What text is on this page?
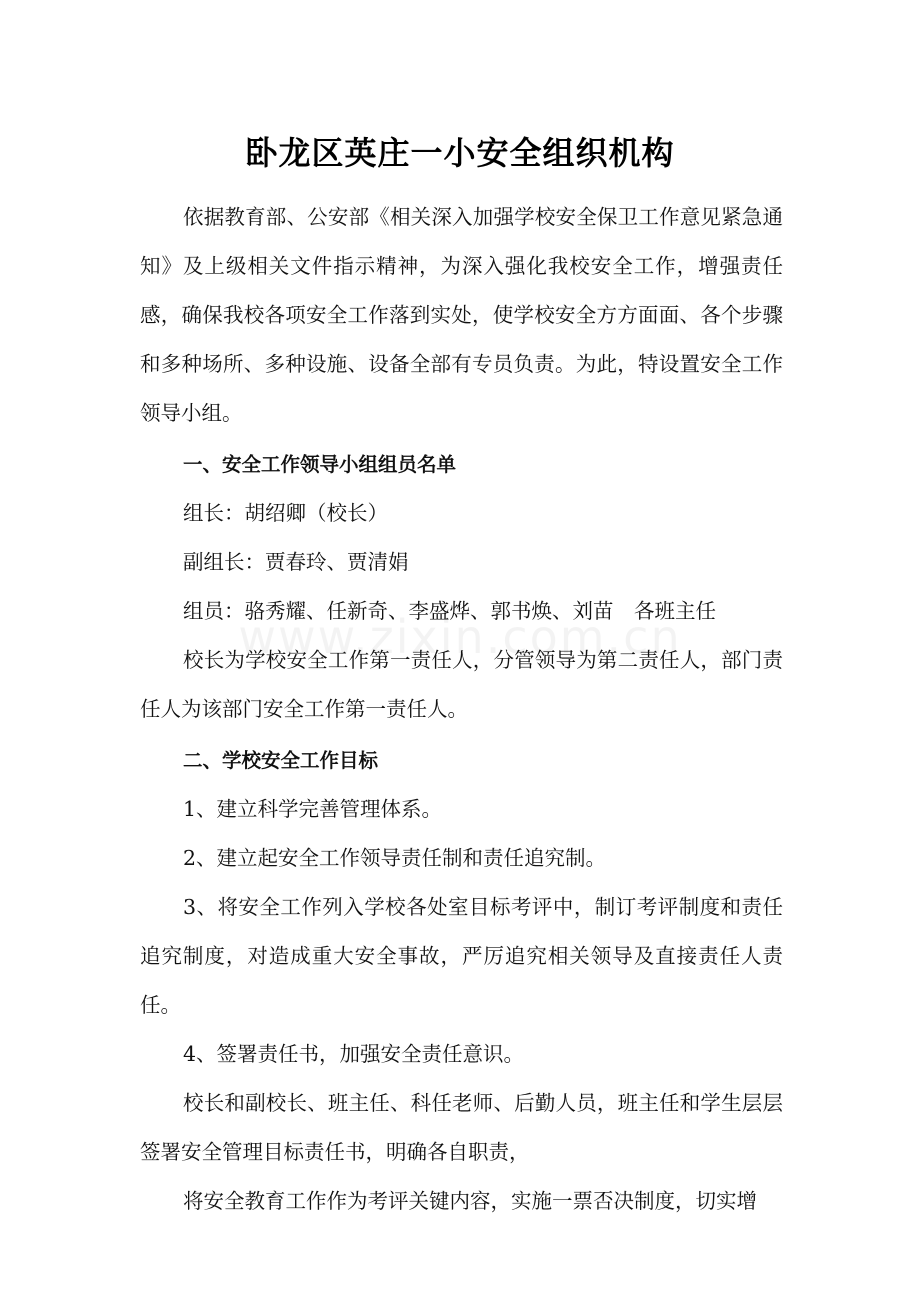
卧龙区英庄一小安全组织机构

依据教育部、公安部《相关深入加强学校安全保卫工作意见紧急通知》及上级相关文件指示精神，为深入强化我校安全工作，增强责任感，确保我校各项安全工作落到实处，使学校安全方方面面、各个步骤和多种场所、多种设施、设备全部有专员负责。为此，特设置安全工作领导小组。

一、安全工作领导小组组员名单

组长：胡绍卿（校长）

副组长：贾春玲、贾清娟

组员：骆秀耀、任新奇、李盛烨、郭书焕、刘苗　各班主任

校长为学校安全工作第一责任人，分管领导为第二责任人，部门责任人为该部门安全工作第一责任人。

二、学校安全工作目标

1、建立科学完善管理体系。

2、建立起安全工作领导责任制和责任追究制。

3、将安全工作列入学校各处室目标考评中，制订考评制度和责任追究制度，对造成重大安全事故，严厉追究相关领导及直接责任人责任。

4、签署责任书，加强安全责任意识。

校长和副校长、班主任、科任老师、后勤人员，班主任和学生层层签署安全管理目标责任书，明确各自职责，

将安全教育工作作为考评关键内容，实施一票否决制度，切实增
